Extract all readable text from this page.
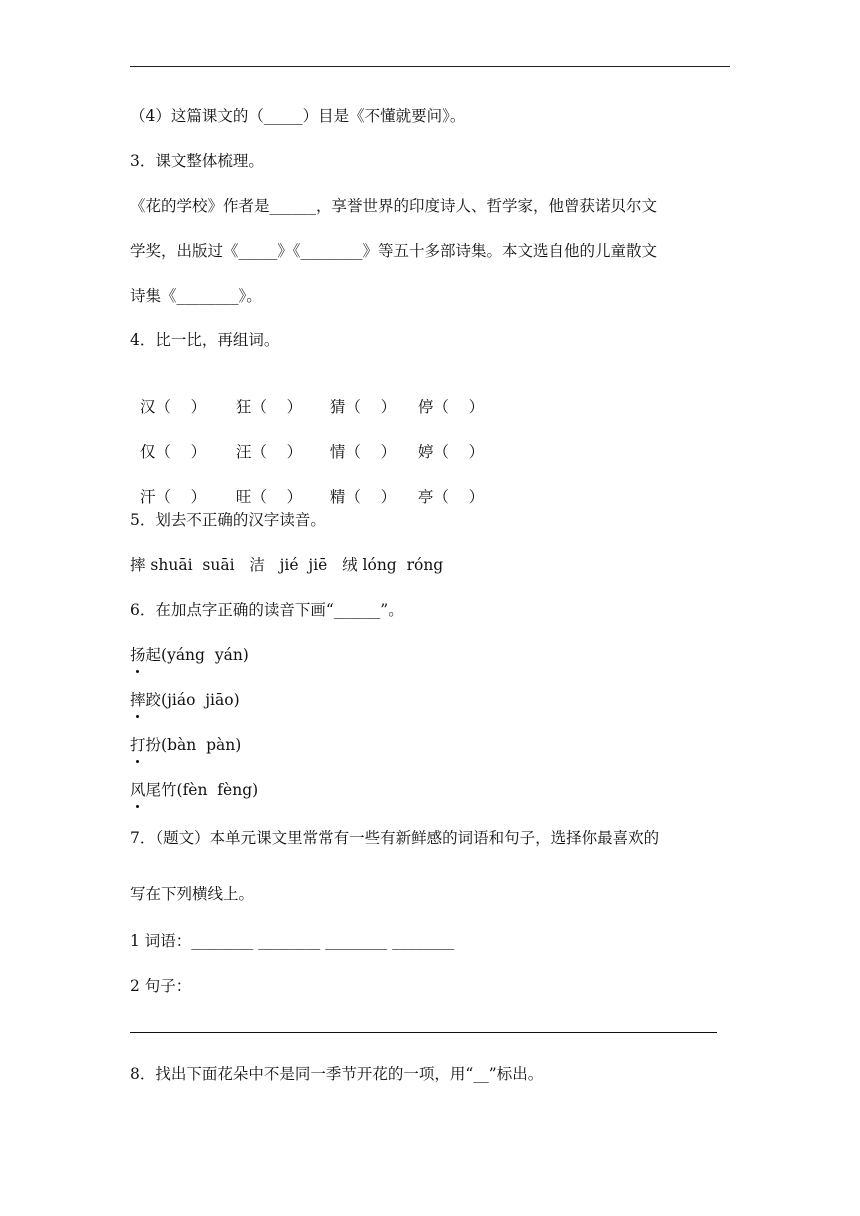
（4）这篇课文的（_____）目是《不懂就要问》。
3．课文整体梳理。
《花的学校》作者是______，享誉世界的印度诗人、哲学家，他曾获诺贝尔文
学奖，出版过《_____》《________》等五十多部诗集。本文选自他的儿童散文
诗集《________》。
4．比一比，再组词。

汉（    ） 狂（    ） 猜（    ） 停（    ）

仅（    ） 汪（    ） 情（    ） 婷（    ）

汗（    ） 旺（    ） 精（    ） 亭（    ）

5．划去不正确的汉字读音。
摔 shuāi  suāi   洁   jié  jiē   绒 lóng  róng
6．在加点字正确的读音下画“______”。
扬起(yáng  yán)
摔跤(jiáo  jiāo)
打扮(bàn  pàn)
风尾竹(fèn  fèng)
7．（题文）本单元课文里常常有一些有新鲜感的词语和句子，选择你最喜欢的
写在下列横线上。
1 词语：________ ________ ________ ________
2 句子：
8．找出下面花朵中不是同一季节开花的一项，用“__”标出。
